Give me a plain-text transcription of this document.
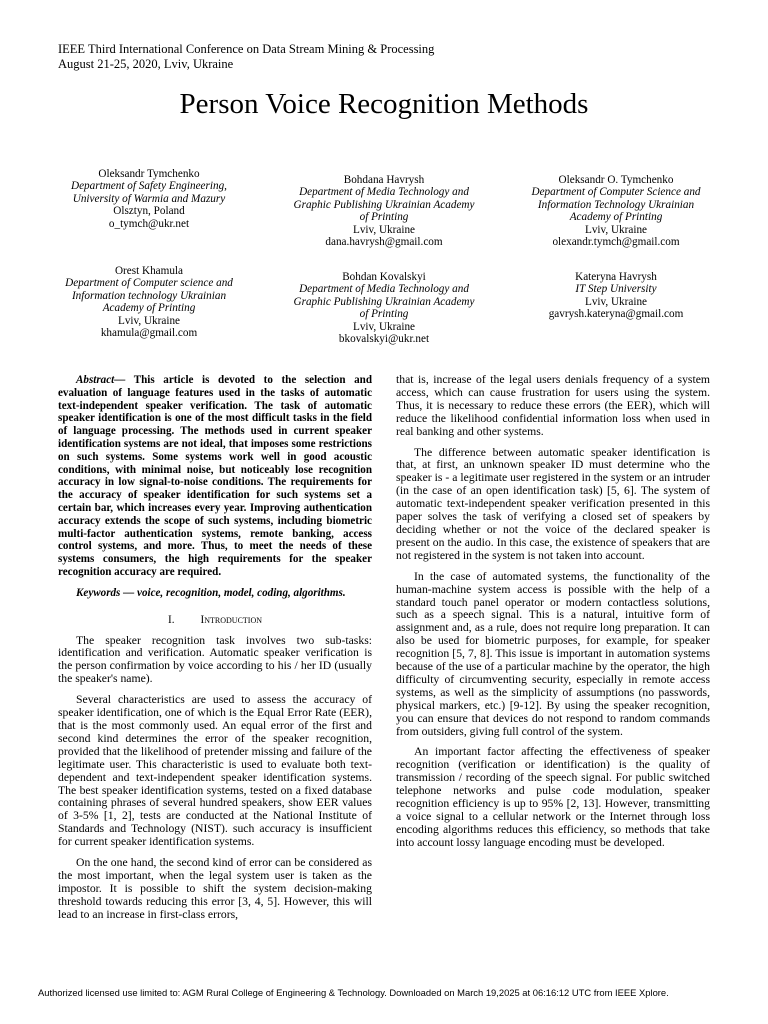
IEEE Third International Conference on Data Stream Mining & Processing
August 21-25, 2020, Lviv, Ukraine
Person Voice Recognition Methods
Oleksandr Tymchenko
Department of Safety Engineering, University of Warmia and Mazury
Olsztyn, Poland
o_tymch@ukr.net
Bohdana Havrysh
Department of Media Technology and Graphic Publishing Ukrainian Academy of Printing
Lviv, Ukraine
dana.havrysh@gmail.com
Oleksandr O. Tymchenko
Department of Computer Science and Information Technology Ukrainian Academy of Printing
Lviv, Ukraine
olexandr.tymch@gmail.com
Orest Khamula
Department of Computer science and Information technology Ukrainian Academy of Printing
Lviv, Ukraine
khamula@gmail.com
Bohdan Kovalskyi
Department of Media Technology and Graphic Publishing Ukrainian Academy of Printing
Lviv, Ukraine
bkovalskyi@ukr.net
Kateryna Havrysh
IT Step University
Lviv, Ukraine
gavrysh.kateryna@gmail.com

Abstract— This article is devoted to the selection and evaluation of language features used in the tasks of automatic text-independent speaker verification. The task of automatic speaker identification is one of the most difficult tasks in the field of language processing. The methods used in current speaker identification systems are not ideal, that imposes some restrictions on such systems. Some systems work well in good acoustic conditions, with minimal noise, but noticeably lose recognition accuracy in low signal-to-noise conditions. The requirements for the accuracy of speaker identification for such systems set a certain bar, which increases every year. Improving authentication accuracy extends the scope of such systems, including biometric multi-factor authentication systems, remote banking, access control systems, and more. Thus, to meet the needs of these systems consumers, the high requirements for the speaker recognition accuracy are required.

Keywords — voice, recognition, model, coding, algorithms.

I. Introduction

The speaker recognition task involves two sub-tasks: identification and verification. Automatic speaker verification is the person confirmation by voice according to his / her ID (usually the speaker's name).

Several characteristics are used to assess the accuracy of speaker identification, one of which is the Equal Error Rate (EER), that is the most commonly used. An equal error of the first and second kind determines the error of the speaker recognition, provided that the likelihood of pretender missing and failure of the legitimate user. This characteristic is used to evaluate both text-dependent and text-independent speaker identification systems. The best speaker identification systems, tested on a fixed database containing phrases of several hundred speakers, show EER values of 3-5% [1, 2], tests are conducted at the National Institute of Standards and Technology (NIST). such accuracy is insufficient for current speaker identification systems.

On the one hand, the second kind of error can be considered as the most important, when the legal system user is taken as the impostor. It is possible to shift the system decision-making threshold towards reducing this error [3, 4, 5]. However, this will lead to an increase in first-class errors,

that is, increase of the legal users denials frequency of a system access, which can cause frustration for users using the system. Thus, it is necessary to reduce these errors (the EER), which will reduce the likelihood confidential information loss when used in real banking and other systems.

The difference between automatic speaker identification is that, at first, an unknown speaker ID must determine who the speaker is - a legitimate user registered in the system or an intruder (in the case of an open identification task) [5, 6]. The system of automatic text-independent speaker verification presented in this paper solves the task of verifying a closed set of speakers by deciding whether or not the voice of the declared speaker is present on the audio. In this case, the existence of speakers that are not registered in the system is not taken into account.

In the case of automated systems, the functionality of the human-machine system access is possible with the help of a standard touch panel operator or modern contactless solutions, such as a speech signal. This is a natural, intuitive form of assignment and, as a rule, does not require long preparation. It can also be used for biometric purposes, for example, for speaker recognition [5, 7, 8]. This issue is important in automation systems because of the use of a particular machine by the operator, the high difficulty of circumventing security, especially in remote access systems, as well as the simplicity of assumptions (no passwords, physical markers, etc.) [9-12]. By using the speaker recognition, you can ensure that devices do not respond to random commands from outsiders, giving full control of the system.

An important factor affecting the effectiveness of speaker recognition (verification or identification) is the quality of transmission / recording of the speech signal. For public switched telephone networks and pulse code modulation, speaker recognition efficiency is up to 95% [2, 13]. However, transmitting a voice signal to a cellular network or the Internet through loss encoding algorithms reduces this efficiency, so methods that take into account lossy language encoding must be developed.

Authorized licensed use limited to: AGM Rural College of Engineering & Technology. Downloaded on March 19,2025 at 06:16:12 UTC from IEEE Xplore.
